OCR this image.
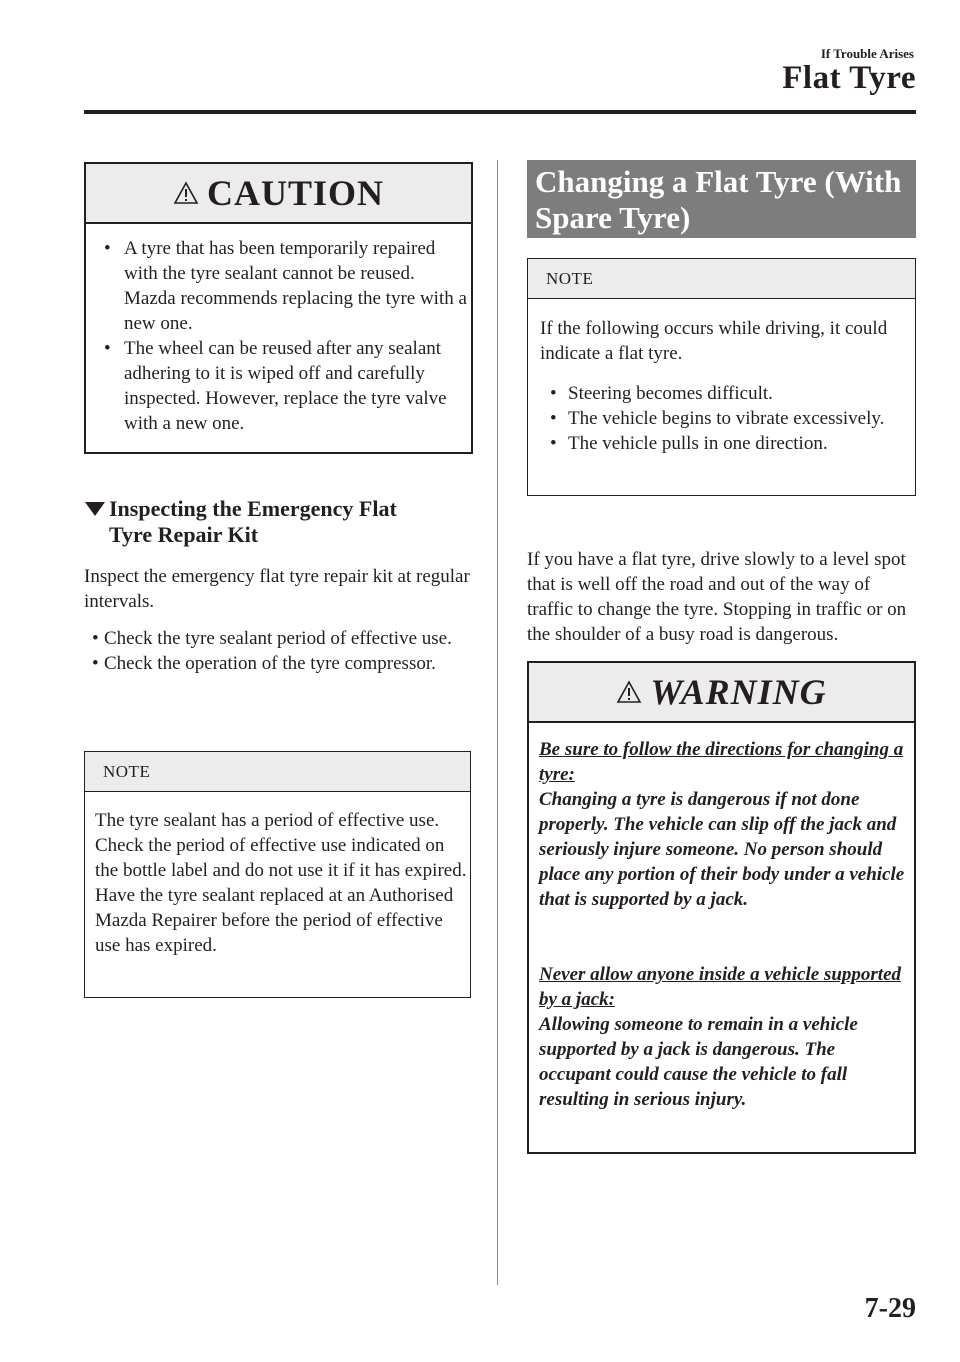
If Trouble Arises
Flat Tyre
CAUTION
• A tyre that has been temporarily repaired with the tyre sealant cannot be reused. Mazda recommends replacing the tyre with a new one.
• The wheel can be reused after any sealant adhering to it is wiped off and carefully inspected. However, replace the tyre valve with a new one.
Inspecting the Emergency Flat
Tyre Repair Kit
Inspect the emergency flat tyre repair kit at regular intervals.
• Check the tyre sealant period of effective use.
• Check the operation of the tyre compressor.
NOTE
The tyre sealant has a period of effective use. Check the period of effective use indicated on the bottle label and do not use it if it has expired. Have the tyre sealant replaced at an Authorised Mazda Repairer before the period of effective use has expired.
Changing a Flat Tyre (With Spare Tyre)
NOTE
If the following occurs while driving, it could indicate a flat tyre.
• Steering becomes difficult.
• The vehicle begins to vibrate excessively.
• The vehicle pulls in one direction.
If you have a flat tyre, drive slowly to a level spot that is well off the road and out of the way of traffic to change the tyre. Stopping in traffic or on the shoulder of a busy road is dangerous.
WARNING
Be sure to follow the directions for changing a tyre:
Changing a tyre is dangerous if not done properly. The vehicle can slip off the jack and seriously injure someone. No person should place any portion of their body under a vehicle that is supported by a jack.
Never allow anyone inside a vehicle supported by a jack:
Allowing someone to remain in a vehicle supported by a jack is dangerous. The occupant could cause the vehicle to fall resulting in serious injury.
7-29
